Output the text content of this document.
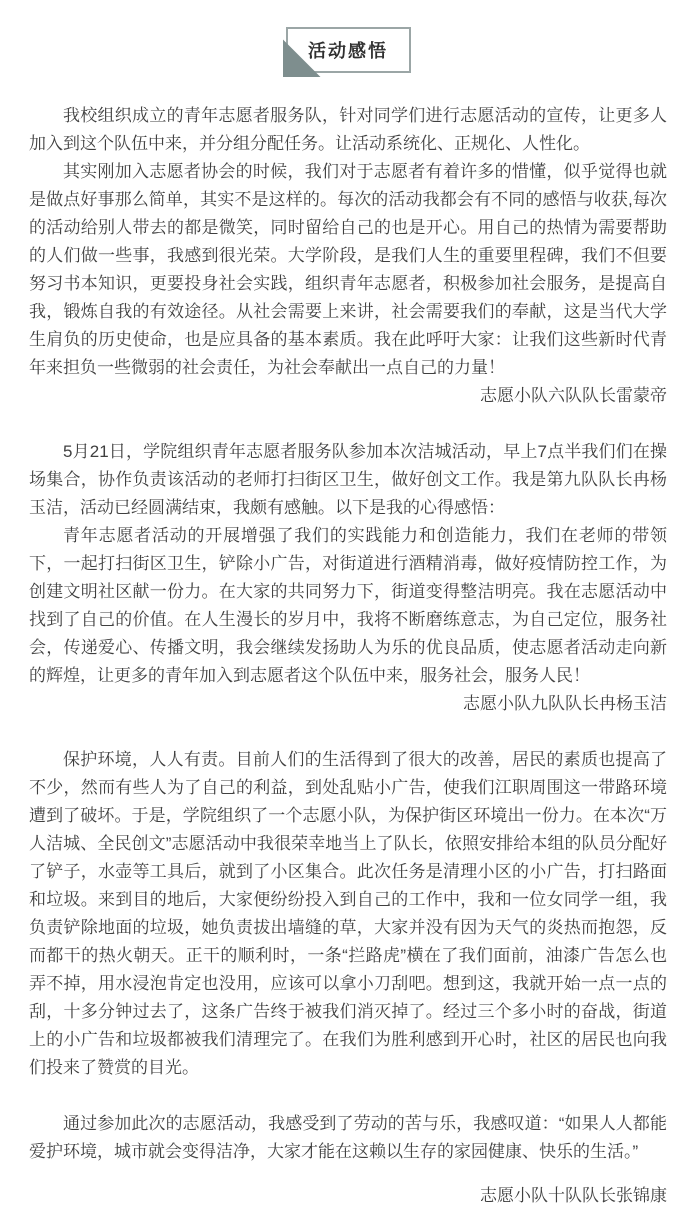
活动感悟

我校组织成立的青年志愿者服务队，针对同学们进行志愿活动的宣传，让更多人加入到这个队伍中来，并分组分配任务。让活动系统化、正规化、人性化。

其实刚加入志愿者协会的时候，我们对于志愿者有着许多的惜懂，似乎觉得也就是做点好事那么简单，其实不是这样的。每次的活动我都会有不同的感悟与收获,每次的活动给别人带去的都是微笑，同时留给自己的也是开心。用自己的热情为需要帮助的人们做一些事，我感到很光荣。大学阶段，是我们人生的重要里程碑，我们不但要努习书本知识，更要投身社会实践，组织青年志愿者，积极参加社会服务，是提高自我，锻炼自我的有效途径。从社会需要上来讲，社会需要我们的奉献，这是当代大学生肩负的历史使命，也是应具备的基本素质。我在此呼吁大家：让我们这些新时代青年来担负一些微弱的社会责任，为社会奉献出一点自己的力量！

志愿小队六队队长雷蒙帝

5月21日，学院组织青年志愿者服务队参加本次洁城活动，早上7点半我们们在操场集合，协作负责该活动的老师打扫街区卫生，做好创文工作。我是第九队队长冉杨玉洁，活动已经圆满结束，我颇有感触。以下是我的心得感悟：

青年志愿者活动的开展增强了我们的实践能力和创造能力，我们在老师的带领下，一起打扫街区卫生，铲除小广告，对街道进行酒精消毒，做好疫情防控工作，为创建文明社区献一份力。在大家的共同努力下，街道变得整洁明亮。我在志愿活动中找到了自己的价值。在人生漫长的岁月中，我将不断磨练意志，为自己定位，服务社会，传递爱心、传播文明，我会继续发扬助人为乐的优良品质，使志愿者活动走向新的辉煌，让更多的青年加入到志愿者这个队伍中来，服务社会，服务人民！

志愿小队九队队长冉杨玉洁

保护环境，人人有责。目前人们的生活得到了很大的改善，居民的素质也提高了不少，然而有些人为了自己的利益，到处乱贴小广告，使我们江职周围这一带路环境遭到了破坏。于是，学院组织了一个志愿小队，为保护街区环境出一份力。在本次“万人洁城、全民创文”志愿活动中我很荣幸地当上了队长，依照安排给本组的队员分配好了铲子，水壶等工具后，就到了小区集合。此次任务是清理小区的小广告，打扫路面和垃圾。来到目的地后，大家便纷纷投入到自己的工作中，我和一位女同学一组，我负责铲除地面的垃圾，她负责拔出墙缝的草，大家并没有因为天气的炎热而抱怨，反而都干的热火朝天。正干的顺利时，一条“拦路虎”横在了我们面前，油漆广告怎么也弄不掉，用水浸泡肯定也没用，应该可以拿小刀刮吧。想到这，我就开始一点一点的刮，十多分钟过去了，这条广告终于被我们消灭掉了。经过三个多小时的奋战，街道上的小广告和垃圾都被我们清理完了。在我们为胜利感到开心时，社区的居民也向我们投来了赞赏的目光。

通过参加此次的志愿活动，我感受到了劳动的苦与乐，我感叹道：“如果人人都能爱护环境，城市就会变得洁净，大家才能在这赖以生存的家园健康、快乐的生活。”

志愿小队十队队长张锦康
